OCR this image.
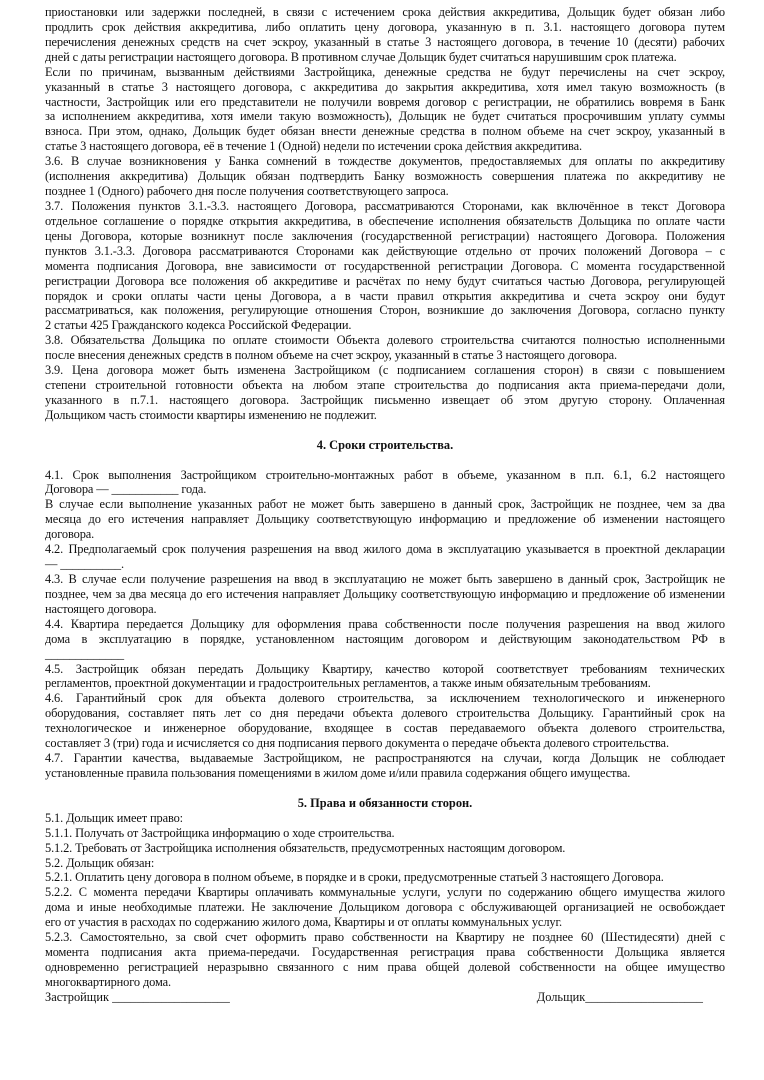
приостановки или задержки последней, в связи с истечением срока действия аккредитива, Дольщик будет обязан либо
продлить срок действия аккредитива, либо оплатить цену договора, указанную в п. 3.1. настоящего договора путем
перечисления денежных средств на счет эскроу, указанный в статье 3 настоящего договора, в течение 10 (десяти) рабочих
дней с даты регистрации настоящего договора. В противном случае Дольщик будет считаться нарушившим срок платежа.
Если по причинам, вызванным действиями Застройщика, денежные средства не будут перечислены на счет эскроу,
указанный в статье 3 настоящего договора, с аккредитива до закрытия аккредитива, хотя имел такую возможность (в
частности, Застройщик или его представители не получили вовремя договор с регистрации, не обратились вовремя в Банк
за исполнением аккредитива, хотя имели такую возможность), Дольщик не будет считаться просрочившим уплату суммы
взноса. При этом, однако, Дольщик будет обязан внести денежные средства в полном объеме на счет эскроу, указанный в
статье 3 настоящего договора, её в течение 1 (Одной) недели по истечении срока действия аккредитива.
3.6. В случае возникновения у Банка сомнений в тождестве документов, предоставляемых для оплаты по аккредитиву
(исполнения аккредитива) Дольщик обязан подтвердить Банку возможность совершения платежа по аккредитиву не
позднее 1 (Одного) рабочего дня после получения соответствующего запроса.
3.7. Положения пунктов 3.1.-3.3. настоящего Договора, рассматриваются Сторонами, как включённое в текст Договора
отдельное соглашение о порядке открытия аккредитива, в обеспечение исполнения обязательств Дольщика по оплате части
цены Договора, которые возникнут после заключения (государственной регистрации) настоящего Договора. Положения
пунктов 3.1.-3.3. Договора рассматриваются Сторонами как действующие отдельно от прочих положений Договора – с
момента подписания Договора, вне зависимости от государственной регистрации Договора. С момента государственной
регистрации Договора все положения об аккредитиве и расчётах по нему будут считаться частью Договора, регулирующей
порядок и сроки оплаты части цены Договора, а в части правил открытия аккредитива и счета эскроу они будут
рассматриваться, как положения, регулирующие отношения Сторон, возникшие до заключения Договора, согласно пункту
2 статьи 425 Гражданского кодекса Российской Федерации.
3.8. Обязательства Дольщика по оплате стоимости Объекта долевого строительства считаются полностью исполненными
после внесения денежных средств в полном объеме на счет эскроу, указанный в статье 3 настоящего договора.
3.9. Цена договора может быть изменена Застройщиком (с подписанием соглашения сторон) в связи с повышением
степени строительной готовности объекта на любом этапе строительства до подписания акта приема-передачи доли,
указанного в п.7.1. настоящего договора. Застройщик письменно извещает об этом другую сторону. Оплаченная
Дольщиком часть стоимости квартиры изменению не подлежит.
4. Сроки строительства.
4.1. Срок выполнения Застройщиком строительно-монтажных работ в объеме, указанном в п.п. 6.1, 6.2 настоящего
Договора — ___________ года.
В случае если выполнение указанных работ не может быть завершено в данный срок, Застройщик не позднее, чем за два
месяца до его истечения направляет Дольщику соответствующую информацию и предложение об изменении настоящего
договора.
4.2. Предполагаемый срок получения разрешения на ввод жилого дома в эксплуатацию указывается в проектной декларации
— __________.
4.3. В случае если получение разрешения на ввод в эксплуатацию не может быть завершено в данный срок, Застройщик не
позднее, чем за два месяца до его истечения направляет Дольщику соответствующую информацию и предложение об изменении
настоящего договора.
4.4. Квартира передается Дольщику для оформления права собственности после получения разрешения на ввод жилого
дома в эксплуатацию в порядке, установленном настоящим договором и действующим законодательством РФ в
_____________
4.5. Застройщик обязан передать Дольщику Квартиру, качество которой соответствует требованиям технических
регламентов, проектной документации и градостроительных регламентов, а также иным обязательным требованиям.
4.6. Гарантийный срок для объекта долевого строительства, за исключением технологического и инженерного
оборудования, составляет пять лет со дня передачи объекта долевого строительства Дольщику. Гарантийный срок на
технологическое и инженерное оборудование, входящее в состав передаваемого объекта долевого строительства,
составляет 3 (три) года и исчисляется со дня подписания первого документа о передаче объекта долевого строительства.
4.7. Гарантии качества, выдаваемые Застройщиком, не распространяются на случаи, когда Дольщик не соблюдает
установленные правила пользования помещениями в жилом доме и/или правила содержания общего имущества.
5. Права и обязанности сторон.
5.1. Дольщик имеет право:
5.1.1. Получать от Застройщика информацию о ходе строительства.
5.1.2. Требовать от Застройщика исполнения обязательств, предусмотренных настоящим договором.
5.2. Дольщик обязан:
5.2.1. Оплатить цену договора в полном объеме, в порядке и в сроки, предусмотренные статьей 3 настоящего Договора.
5.2.2. С момента передачи Квартиры оплачивать коммунальные услуги, услуги по содержанию общего имущества жилого
дома и иные необходимые платежи. Не заключение Дольщиком договора с обслуживающей организацией не освобождает
его от участия в расходах по содержанию жилого дома, Квартиры и от оплаты коммунальных услуг.
5.2.3. Самостоятельно, за свой счет оформить право собственности на Квартиру не позднее 60 (Шестидесяти) дней с
момента подписания акта приема-передачи. Государственная регистрация права собственности Дольщика является
одновременно регистрацией неразрывно связанного с ним права общей долевой собственности на общее имущество
многоквартирного дома.
Застройщик ___________________	Дольщик___________________
